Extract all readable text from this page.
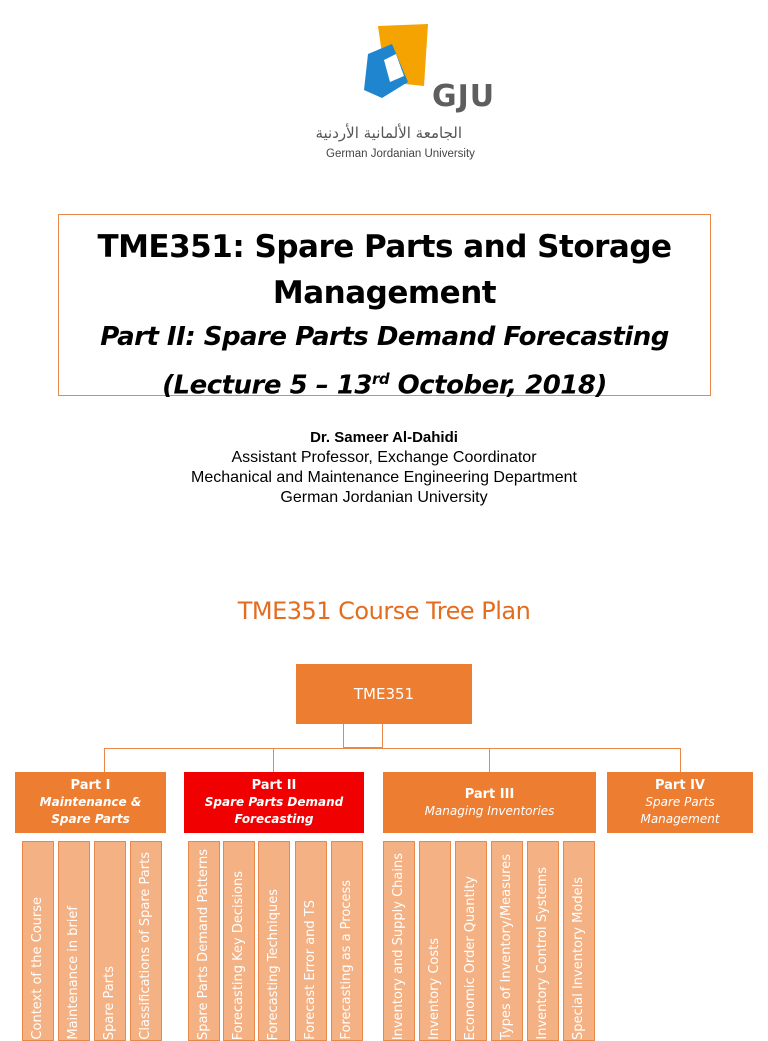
GJU
الجامعة الألمانية الأردنية
German Jordanian University
TME351: Spare Parts and Storage Management
Part II: Spare Parts Demand Forecasting
(Lecture 5 – 13rd October, 2018)
Dr. Sameer Al-Dahidi
Assistant Professor, Exchange Coordinator
Mechanical and Maintenance Engineering Department
German Jordanian University
TME351 Course Tree Plan
TME351
Part I
Maintenance & Spare Parts
Part II
Spare Parts Demand Forecasting
Part III
Managing Inventories
Part IV
Spare Parts Management
Context of the Course Maintenance in brief Spare Parts Classifications of Spare Parts	Spare Parts Demand Patterns Forecasting Key Decisions Forecasting Techniques Forecast Error and TS Forecasting as a Process	Inventory and Supply Chains Inventory Costs Economic Order Quantity Types of Inventory/Measures Inventory Control Systems Special Inventory Models
